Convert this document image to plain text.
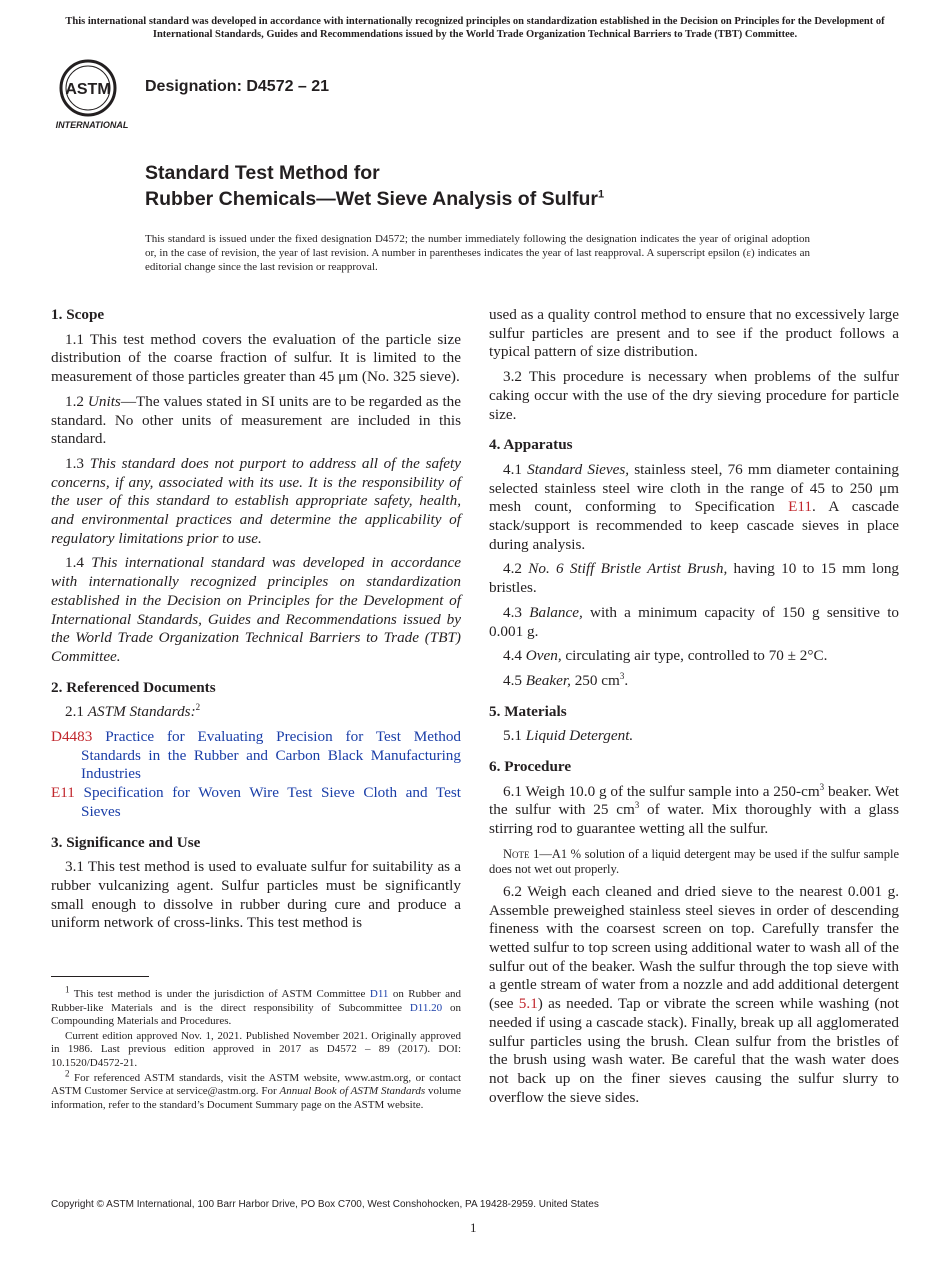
This international standard was developed in accordance with internationally recognized principles on standardization established in the Decision on Principles for the Development of International Standards, Guides and Recommendations issued by the World Trade Organization Technical Barriers to Trade (TBT) Committee.
ASTM
INTERNATIONAL
Designation: D4572 – 21
Standard Test Method for
Rubber Chemicals—Wet Sieve Analysis of Sulfur$^1$
This standard is issued under the fixed designation D4572; the number immediately following the designation indicates the year of original adoption or, in the case of revision, the year of last revision. A number in parentheses indicates the year of last reapproval. A superscript epsilon (ε) indicates an editorial change since the last revision or reapproval.
1. Scope

1.1 This test method covers the evaluation of the particle size distribution of the coarse fraction of sulfur. It is limited to the measurement of those particles greater than 45 μm (No. 325 sieve).

1.2 Units—The values stated in SI units are to be regarded as the standard. No other units of measurement are included in this standard.

1.3 This standard does not purport to address all of the safety concerns, if any, associated with its use. It is the responsibility of the user of this standard to establish appropriate safety, health, and environmental practices and determine the applicability of regulatory limitations prior to use.

1.4 This international standard was developed in accordance with internationally recognized principles on standardization established in the Decision on Principles for the Development of International Standards, Guides and Recommendations issued by the World Trade Organization Technical Barriers to Trade (TBT) Committee.

2. Referenced Documents

2.1 ASTM Standards:$^2$

D4483 Practice for Evaluating Precision for Test Method Standards in the Rubber and Carbon Black Manufacturing Industries
E11 Specification for Woven Wire Test Sieve Cloth and Test Sieves
3. Significance and Use

3.1 This test method is used to evaluate sulfur for suitability as a rubber vulcanizing agent. Sulfur particles must be significantly small enough to dissolve in rubber during cure and produce a uniform network of cross-links. This test method is

$^1$ This test method is under the jurisdiction of ASTM Committee D11 on Rubber and Rubber-like Materials and is the direct responsibility of Subcommittee D11.20 on Compounding Materials and Procedures.

Current edition approved Nov. 1, 2021. Published November 2021. Originally approved in 1986. Last previous edition approved in 2017 as D4572 – 89 (2017). DOI: 10.1520/D4572-21.

$^2$ For referenced ASTM standards, visit the ASTM website, www.astm.org, or contact ASTM Customer Service at service@astm.org. For Annual Book of ASTM Standards volume information, refer to the standard’s Document Summary page on the ASTM website.

used as a quality control method to ensure that no excessively large sulfur particles are present and to see if the product follows a typical pattern of size distribution.

3.2 This procedure is necessary when problems of the sulfur caking occur with the use of the dry sieving procedure for particle size.

4. Apparatus

4.1 Standard Sieves, stainless steel, 76 mm diameter containing selected stainless steel wire cloth in the range of 45 to 250 μm mesh count, conforming to Specification E11. A cascade stack/support is recommended to keep cascade sieves in place during analysis.

4.2 No. 6 Stiff Bristle Artist Brush, having 10 to 15 mm long bristles.

4.3 Balance, with a minimum capacity of 150 g sensitive to 0.001 g.

4.4 Oven, circulating air type, controlled to 70 ± 2°C.

4.5 Beaker, 250 $cm^3$.

5. Materials

5.1 Liquid Detergent.

6. Procedure

6.1 Weigh 10.0 g of the sulfur sample into a $250-cm^3$ beaker. Wet the sulfur with 25 $cm^3$ of water. Mix thoroughly with a glass stirring rod to guarantee wetting all the sulfur.

Note 1—A1 % solution of a liquid detergent may be used if the sulfur sample does not wet out properly.

6.2 Weigh each cleaned and dried sieve to the nearest 0.001 g. Assemble preweighed stainless steel sieves in order of descending fineness with the coarsest screen on top. Carefully transfer the wetted sulfur to top screen using additional water to wash all of the sulfur out of the beaker. Wash the sulfur through the top sieve with a gentle stream of water from a nozzle and add additional detergent (see 5.1) as needed. Tap or vibrate the screen while washing (not needed if using a cascade stack). Finally, break up all agglomerated sulfur particles using the brush. Clean sulfur from the bristles of the brush using wash water. Be careful that the wash water does not back up on the finer sieves causing the sulfur slurry to overflow the sieve sides.

Copyright © ASTM International, 100 Barr Harbor Drive, PO Box C700, West Conshohocken, PA 19428-2959. United States
1
